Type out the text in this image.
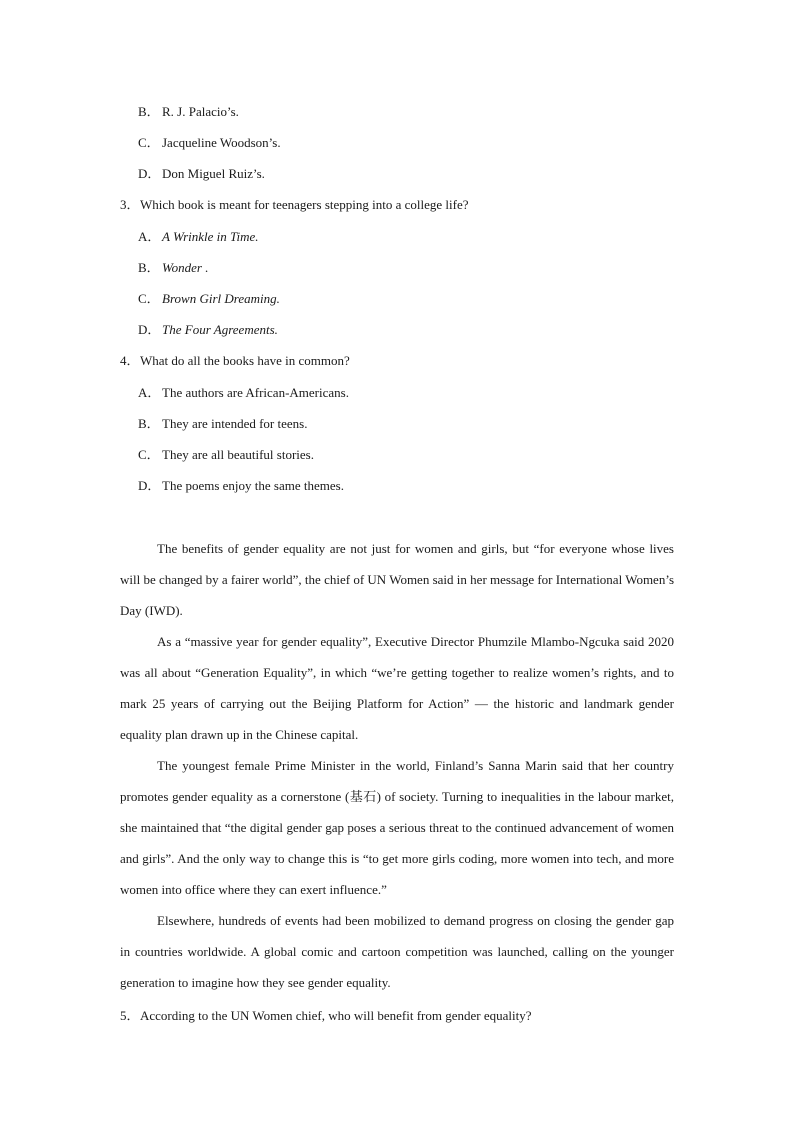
B． R. J. Palacio’s.
C． Jacqueline Woodson’s.
D． Don Miguel Ruiz’s.
3．Which book is meant for teenagers stepping into a college life?
A． A Wrinkle in Time.
B． Wonder .
C． Brown Girl Dreaming.
D． The Four Agreements.
4．What do all the books have in common?
A． The authors are African-Americans.
B． They are intended for teens.
C． They are all beautiful stories.
D． The poems enjoy the same themes.

The benefits of gender equality are not just for women and girls, but “for everyone whose lives will be changed by a fairer world”, the chief of UN Women said in her message for International Women’s Day (IWD).

As a “massive year for gender equality”, Executive Director Phumzile Mlambo-Ngcuka said 2020 was all about “Generation Equality”, in which “we’re getting together to realize women’s rights, and to mark 25 years of carrying out the Beijing Platform for Action” — the historic and landmark gender equality plan drawn up in the Chinese capital.

The youngest female Prime Minister in the world, Finland’s Sanna Marin said that her country promotes gender equality as a cornerstone (基石) of society. Turning to inequalities in the labour market, she maintained that “the digital gender gap poses a serious threat to the continued advancement of women and girls”. And the only way to change this is “to get more girls coding, more women into tech, and more women into office where they can exert influence.”

Elsewhere, hundreds of events had been mobilized to demand progress on closing the gender gap in countries worldwide. A global comic and cartoon competition was launched, calling on the younger generation to imagine how they see gender equality.

5．According to the UN Women chief, who will benefit from gender equality?
